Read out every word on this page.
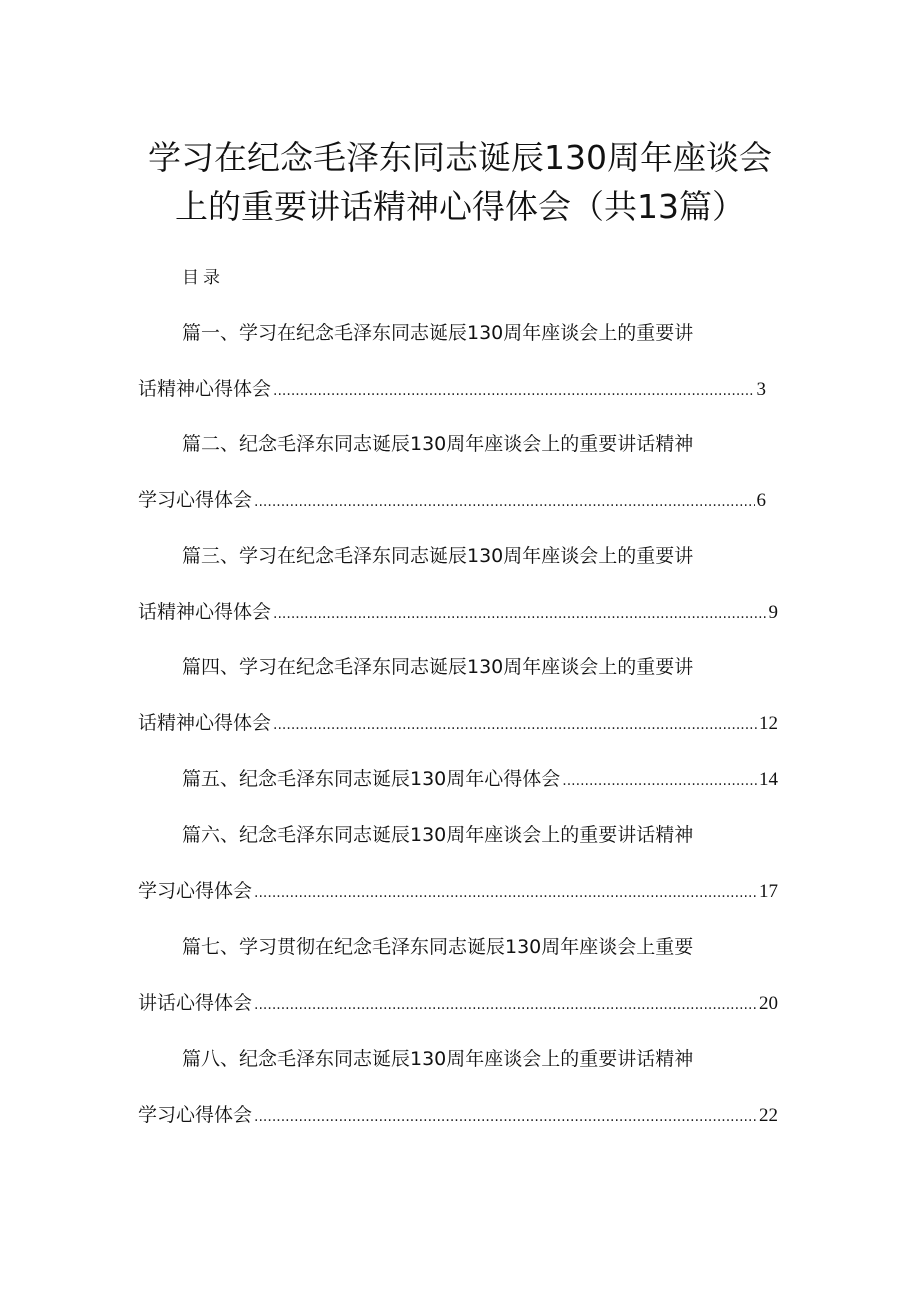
学习在纪念毛泽东同志诞辰130周年座谈会
上的重要讲话精神心得体会（共13篇）
目录
篇一、学习在纪念毛泽东同志诞辰130周年座谈会上的重要讲
话精神心得体会 .....	3
篇二、纪念毛泽东同志诞辰130周年座谈会上的重要讲话精神
学习心得体会 .....	6
篇三、学习在纪念毛泽东同志诞辰130周年座谈会上的重要讲
话精神心得体会 .....	9
篇四、学习在纪念毛泽东同志诞辰130周年座谈会上的重要讲
话精神心得体会 .....	12
篇五、纪念毛泽东同志诞辰130周年心得体会 .....	14
篇六、纪念毛泽东同志诞辰130周年座谈会上的重要讲话精神
学习心得体会 .....	17
篇七、学习贯彻在纪念毛泽东同志诞辰130周年座谈会上重要
讲话心得体会 .....	20
篇八、纪念毛泽东同志诞辰130周年座谈会上的重要讲话精神
学习心得体会 .....	22
